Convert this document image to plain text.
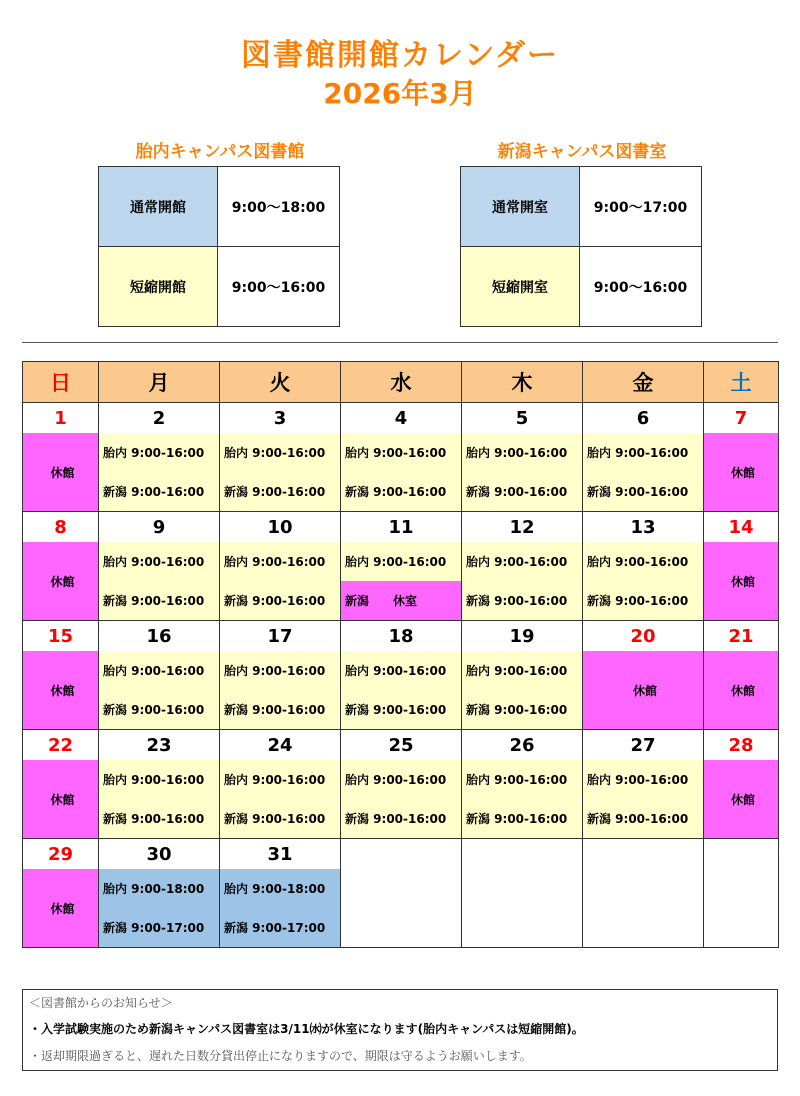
図書館開館カレンダー
2026年3月
胎内キャンパス図書館
通常開館	9:00～18:00
短縮開館	9:00～16:00
新潟キャンパス図書室
通常開室	9:00～17:00
短縮開室	9:00～16:00
日	月	火	水	木	金	土
1	2	3	4	5	6	7
休館	胎内 9:00-16:00	胎内 9:00-16:00	胎内 9:00-16:00	胎内 9:00-16:00	胎内 9:00-16:00	休館
	新潟 9:00-16:00	新潟 9:00-16:00	新潟 9:00-16:00	新潟 9:00-16:00	新潟 9:00-16:00	
8	9	10	11	12	13	14
休館	胎内 9:00-16:00	胎内 9:00-16:00	胎内 9:00-16:00	胎内 9:00-16:00	胎内 9:00-16:00	休館
	新潟 9:00-16:00	新潟 9:00-16:00	新潟　　休室	新潟 9:00-16:00	新潟 9:00-16:00	
15	16	17	18	19	20	21
休館	胎内 9:00-16:00	胎内 9:00-16:00	胎内 9:00-16:00	胎内 9:00-16:00	休館	休館
	新潟 9:00-16:00	新潟 9:00-16:00	新潟 9:00-16:00	新潟 9:00-16:00		
22	23	24	25	26	27	28
休館	胎内 9:00-16:00	胎内 9:00-16:00	胎内 9:00-16:00	胎内 9:00-16:00	胎内 9:00-16:00	休館
	新潟 9:00-16:00	新潟 9:00-16:00	新潟 9:00-16:00	新潟 9:00-16:00	新潟 9:00-16:00	
29	30	31				
休館	胎内 9:00-18:00	胎内 9:00-18:00				
	新潟 9:00-17:00	新潟 9:00-17:00				
＜図書館からのお知らせ＞
・入学試験実施のため新潟キャンパス図書室は3/11㈬が休室になります(胎内キャンパスは短縮開館)。
・返却期限過ぎると、遅れた日数分貸出停止になりますので、期限は守るようお願いします。
